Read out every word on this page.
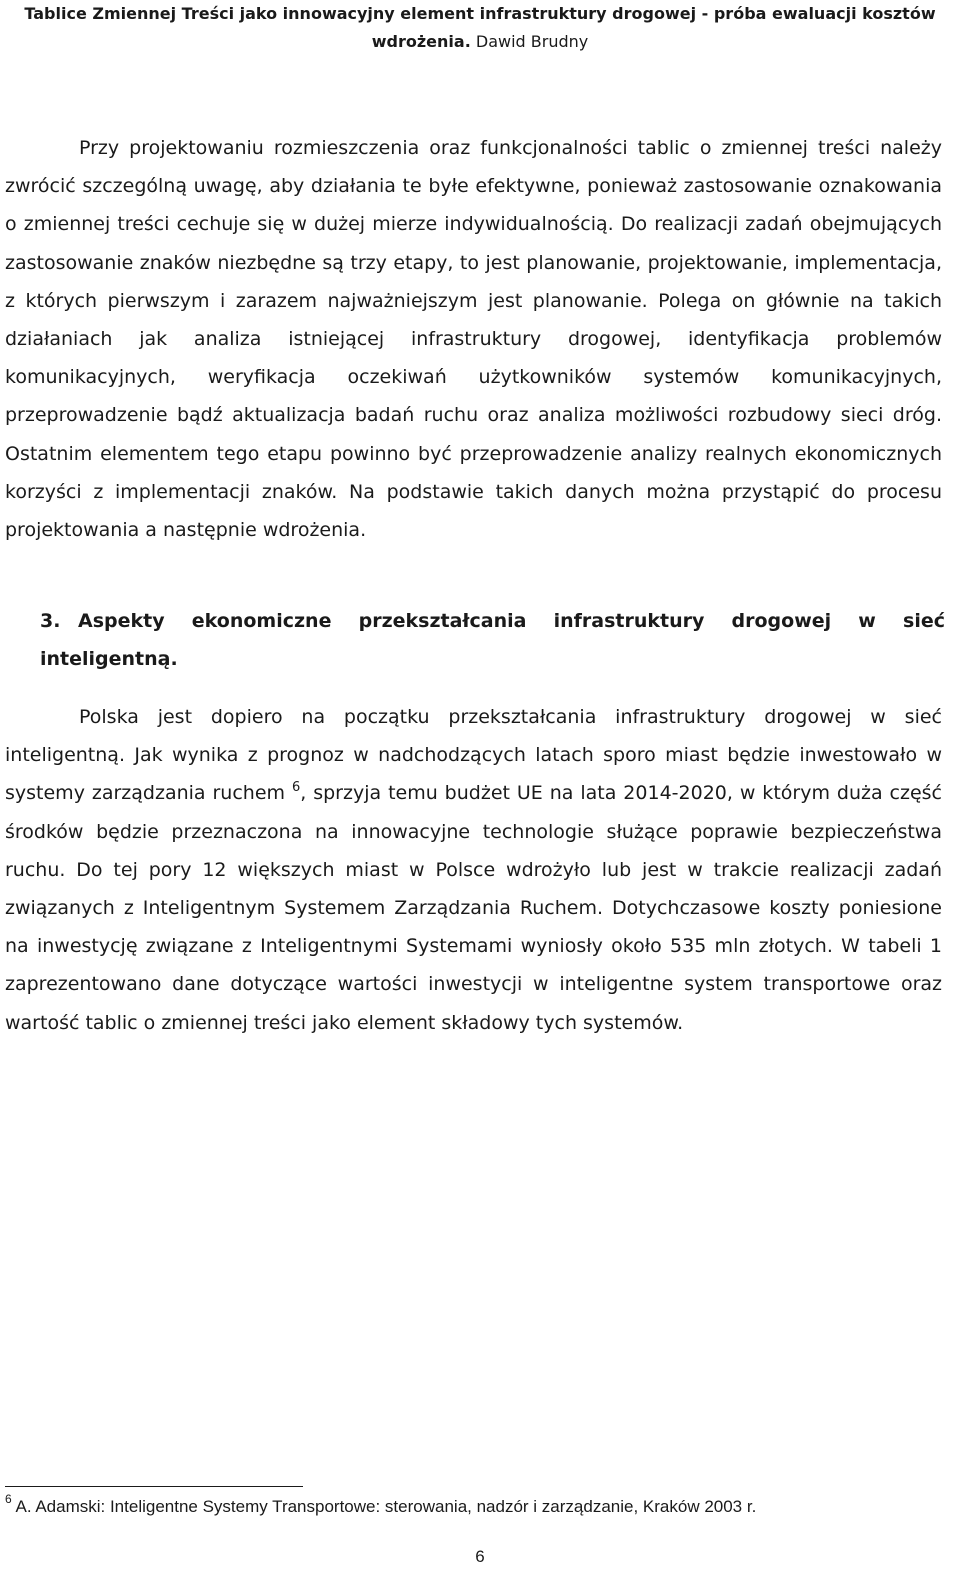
Tablice Zmiennej Treści jako innowacyjny element infrastruktury drogowej - próba ewaluacji kosztów wdrożenia. Dawid Brudny

Przy projektowaniu rozmieszczenia oraz funkcjonalności tablic o zmiennej treści należy zwrócić szczególną uwagę, aby działania te byłe efektywne, ponieważ zastosowanie oznakowania o zmiennej treści cechuje się w dużej mierze indywidualnością. Do realizacji zadań obejmujących zastosowanie znaków niezbędne są trzy etapy, to jest planowanie, projektowanie, implementacja, z których pierwszym i zarazem najważniejszym jest planowanie. Polega on głównie na takich działaniach jak analiza istniejącej infrastruktury drogowej, identyfikacja problemów komunikacyjnych, weryfikacja oczekiwań użytkowników systemów komunikacyjnych, przeprowadzenie bądź aktualizacja badań ruchu oraz analiza możliwości rozbudowy sieci dróg. Ostatnim elementem tego etapu powinno być przeprowadzenie analizy realnych ekonomicznych korzyści z implementacji znaków. Na podstawie takich danych można przystąpić do procesu projektowania a następnie wdrożenia.

3. Aspekty ekonomiczne przekształcania infrastruktury drogowej w sieć inteligentną.

Polska jest dopiero na początku przekształcania infrastruktury drogowej w sieć inteligentną. Jak wynika z prognoz w nadchodzących latach sporo miast będzie inwestowało w systemy zarządzania ruchem $^6$, sprzyja temu budżet UE na lata 2014-2020, w którym duża część środków będzie przeznaczona na innowacyjne technologie służące poprawie bezpieczeństwa ruchu. Do tej pory 12 większych miast w Polsce wdrożyło lub jest w trakcie realizacji zadań związanych z Inteligentnym Systemem Zarządzania Ruchem. Dotychczasowe koszty poniesione na inwestycję związane z Inteligentnymi Systemami wyniosły około 535 mln złotych. W tabeli 1 zaprezentowano dane dotyczące wartości inwestycji w inteligentne system transportowe oraz wartość tablic o zmiennej treści jako element składowy tych systemów.

$^6$ A. Adamski: Inteligentne Systemy Transportowe: sterowania, nadzór i zarządzanie, Kraków 2003 r.

6
